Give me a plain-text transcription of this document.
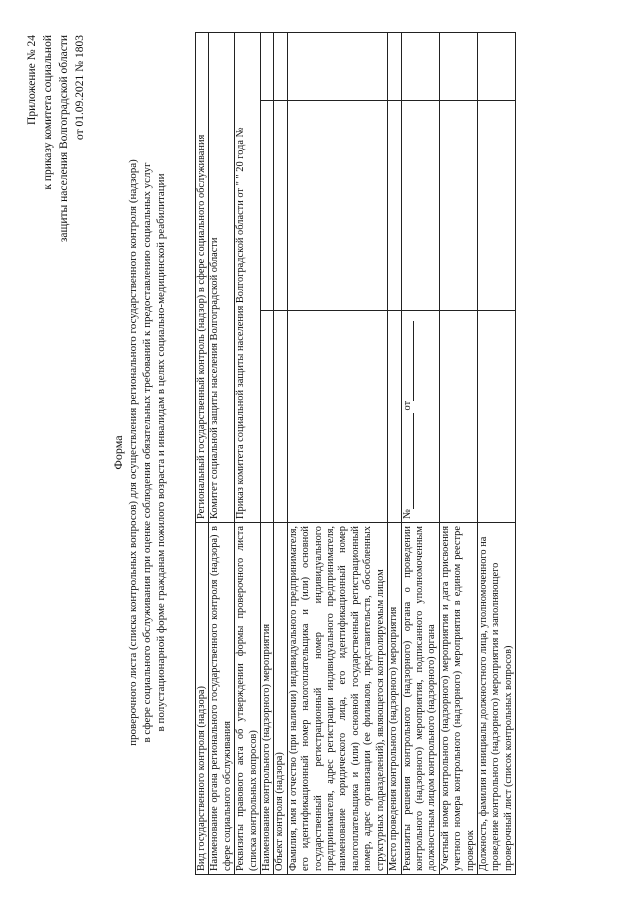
Приложение № 24 к приказу комитета социальной защиты населения Волгоградской области от 01.09.2021 № 1803
Форма проверочного листа (списка контрольных вопросов) для осуществления регионального государственного контроля (надзора) в сфере социального обслуживания при оценке соблюдения обязательных требований к предоставлению социальных услуг в полустационарной форме гражданам пожилого возраста и инвалидам в целях социально-медицинской реабилитации
Вид государственного контроля (надзора)	Региональный государственный контроль (надзор) в сфере социального обслуживания		
Наименование органа регионального государственного контроля (надзора) в сфере социального обслуживания	Комитет социальной защиты населения Волгоградской области		
Реквизиты правового акта об утверждении формы проверочного листа (списка контрольных вопросов)	Приказ комитета социальной защиты населения Волгоградской области от " " 20 года №		
Наименование контрольного (надзорного) мероприятия			
Объект контроля (надзора)			
Фамилия, имя и отчество (при наличии) индивидуального предпринимателя, его идентификационный номер налогоплательщика и (или) основной государственный регистрационный номер индивидуального предпринимателя, адрес регистрации индивидуального предпринимателя, наименование юридического лица, его идентификационный номер налогоплательщика и (или) основной государственный регистрационный номер, адрес организации (ее филиалов, представительств, обособленных структурных подразделений), являющегося контролируемым лицом			
Место проведения контрольного (надзорного) мероприятия			
Реквизиты решения контрольного (надзорного) органа о проведении контрольного (надзорного) мероприятия, подписанного уполномоченным должностным лицом контрольного (надзорного) органа	№ от		
Учетный номер контрольного (надзорного) мероприятия и дата присвоения учетного номера контрольного (надзорного) мероприятия в едином реестре проверок			
Должность, фамилия и инициалы должностного лица, уполномоченного на проведение контрольного (надзорного) мероприятия и заполняющего проверочный лист (список контрольных вопросов)			
